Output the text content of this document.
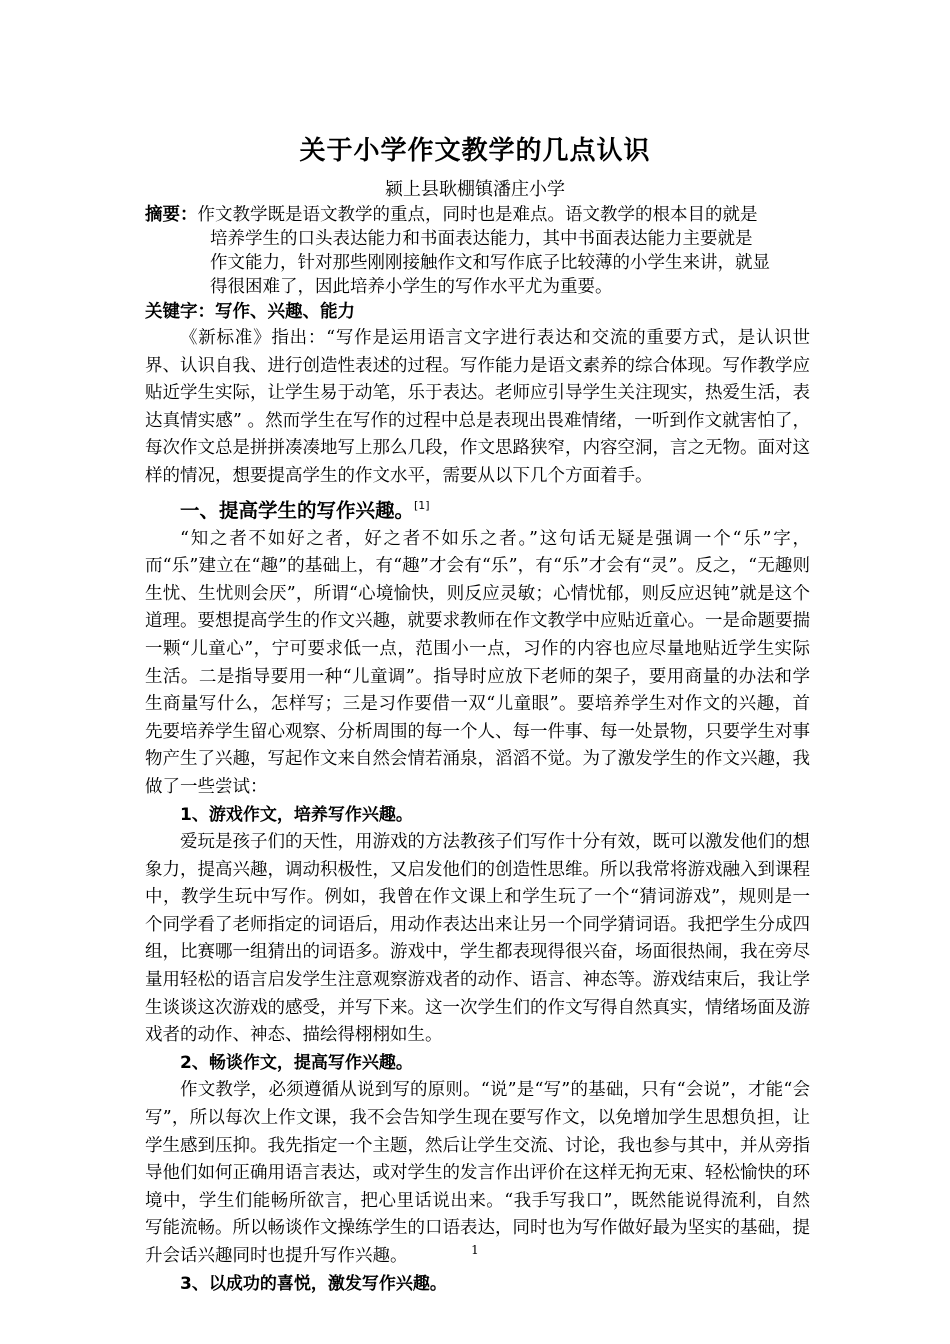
关于小学作文教学的几点认识
颍上县耿棚镇潘庄小学
摘要：作文教学既是语文教学的重点，同时也是难点。语文教学的根本目的就是
培养学生的口头表达能力和书面表达能力，其中书面表达能力主要就是
作文能力，针对那些刚刚接触作文和写作底子比较薄的小学生来讲，就显
得很困难了，因此培养小学生的写作水平尤为重要。
关键字：写作、兴趣、能力

《新标准》指出：“写作是运用语言文字进行表达和交流的重要方式，是认识世界、认识自我、进行创造性表述的过程。写作能力是语文素养的综合体现。写作教学应贴近学生实际，让学生易于动笔，乐于表达。老师应引导学生关注现实，热爱生活，表达真情实感” 。然而学生在写作的过程中总是表现出畏难情绪，一听到作文就害怕了，每次作文总是拼拼凑凑地写上那么几段，作文思路狭窄，内容空洞，言之无物。面对这样的情况，想要提高学生的作文水平，需要从以下几个方面着手。

一、提高学生的写作兴趣。[1]

“知之者不如好之者，好之者不如乐之者。”这句话无疑是强调一个“乐”字，而“乐”建立在“趣”的基础上，有“趣”才会有“乐”，有“乐”才会有“灵”。反之，“无趣则生忧、生忧则会厌”，所谓“心境愉快，则反应灵敏；心情忧郁，则反应迟钝”就是这个道理。要想提高学生的作文兴趣，就要求教师在作文教学中应贴近童心。一是命题要揣一颗“儿童心”，宁可要求低一点，范围小一点，习作的内容也应尽量地贴近学生实际生活。二是指导要用一种“儿童调”。指导时应放下老师的架子，要用商量的办法和学生商量写什么，怎样写；三是习作要借一双“儿童眼”。要培养学生对作文的兴趣，首先要培养学生留心观察、分析周围的每一个人、每一件事、每一处景物，只要学生对事物产生了兴趣，写起作文来自然会情若涌泉，滔滔不觉。为了激发学生的作文兴趣，我做了一些尝试：

1、游戏作文，培养写作兴趣。

爱玩是孩子们的天性，用游戏的方法教孩子们写作十分有效，既可以激发他们的想象力，提高兴趣，调动积极性，又启发他们的创造性思维。所以我常将游戏融入到课程中，教学生玩中写作。例如，我曾在作文课上和学生玩了一个“猜词游戏”，规则是一个同学看了老师指定的词语后，用动作表达出来让另一个同学猜词语。我把学生分成四组，比赛哪一组猜出的词语多。游戏中，学生都表现得很兴奋，场面很热闹，我在旁尽量用轻松的语言启发学生注意观察游戏者的动作、语言、神态等。游戏结束后，我让学生谈谈这次游戏的感受，并写下来。这一次学生们的作文写得自然真实，情绪场面及游戏者的动作、神态、描绘得栩栩如生。

2、畅谈作文，提高写作兴趣。

作文教学，必须遵循从说到写的原则。“说”是“写”的基础，只有“会说”，才能“会写”，所以每次上作文课，我不会告知学生现在要写作文，以免增加学生思想负担，让学生感到压抑。我先指定一个主题，然后让学生交流、讨论，我也参与其中，并从旁指导他们如何正确用语言表达，或对学生的发言作出评价在这样无拘无束、轻松愉快的环境中，学生们能畅所欲言，把心里话说出来。“我手写我口”，既然能说得流利，自然写能流畅。所以畅谈作文操练学生的口语表达，同时也为写作做好最为坚实的基础，提升会话兴趣同时也提升写作兴趣。

3、以成功的喜悦，激发写作兴趣。
1
